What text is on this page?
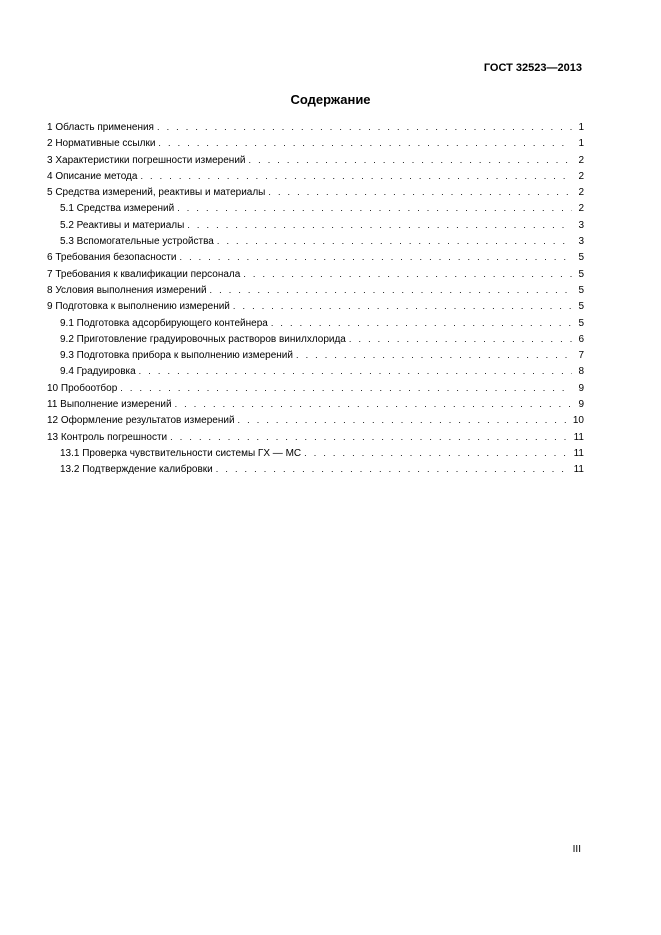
ГОСТ 32523—2013
Содержание
1 Область применения . . .	1
2 Нормативные ссылки . . .	1
3 Характеристики погрешности измерений . . .	2
4 Описание метода . . .	2
5 Средства измерений, реактивы и материалы . . .	2
5.1 Средства измерений . . .	2
5.2 Реактивы и материалы . . .	3
5.3 Вспомогательные устройства . . .	3
6 Требования безопасности . . .	5
7 Требования к квалификации персонала . . .	5
8 Условия выполнения измерений . . .	5
9 Подготовка к выполнению измерений . . .	5
9.1 Подготовка адсорбирующего контейнера . . .	5
9.2 Приготовление градуировочных растворов винилхлорида . . .	6
9.3 Подготовка прибора к выполнению измерений . . .	7
9.4 Градуировка . . .	8
10 Пробоотбор . . .	9
11 Выполнение измерений . . .	9
12 Оформление результатов измерений . . .	10
13 Контроль погрешности . . .	11
13.1 Проверка чувствительности системы ГХ — МС . . .	11
13.2 Подтверждение калибровки . . .	11
III
